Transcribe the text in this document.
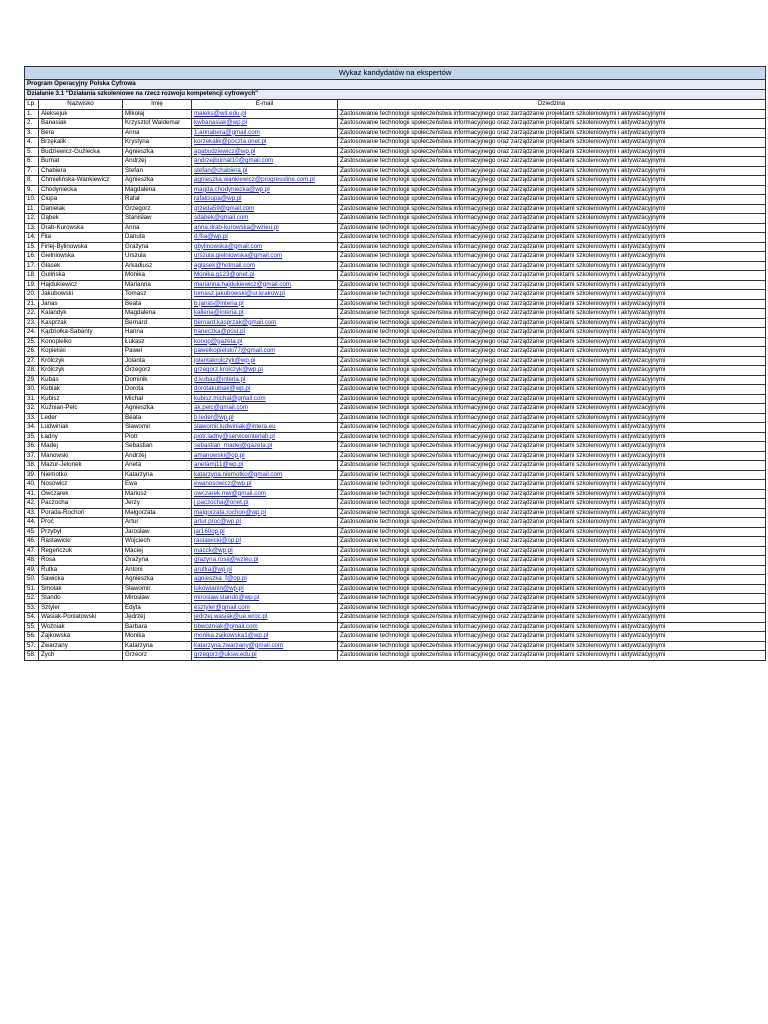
Wykaz kandydatów na ekspertów				
Program Operacyjny Polska Cyfrowa				
Działanie 3.1 "Działania szkoleniowe na rzecz rozwoju kompetencji cyfrowych"				
Lp.	Nazwisko	Imię	E-mail	Dziedzina
1.	Aleksejuk	Mikołaj	maleks@wit.edu.pl	Zastosowanie technologii społeczeństwa informacyjnego oraz zarządzanie projektami szkoleniowymi i aktywizacyjnymi
2.	Banasiak	Krzysztof Waldemar	kwbanasiak@wp.pl	Zastosowanie technologii społeczeństwa informacyjnego oraz zarządzanie projektami szkoleniowymi i aktywizacyjnymi
3.	Bera	Anna	1.annabera@gmail.com	Zastosowanie technologii społeczeństwa informacyjnego oraz zarządzanie projektami szkoleniowymi i aktywizacyjnymi
4.	Brzękalik	Krystyna	korzekalik@poczta.onet.pl	Zastosowanie technologii społeczeństwa informacyjnego oraz zarządzanie projektami szkoleniowymi i aktywizacyjnymi
5.	Budziewicz-Guźlecka	Agnieszka	agabudziewicz@wp.pl	Zastosowanie technologii społeczeństwa informacyjnego oraz zarządzanie projektami szkoleniowymi i aktywizacyjnymi
6.	Burnat	Andrzej	andrzejburnat10@gmail.com	Zastosowanie technologii społeczeństwa informacyjnego oraz zarządzanie projektami szkoleniowymi i aktywizacyjnymi
7.	Chabiera	Stefan	stefan@chabiera.pl	Zastosowanie technologii społeczeństwa informacyjnego oraz zarządzanie projektami szkoleniowymi i aktywizacyjnymi
8.	Chmielińska-Wankiewicz	Agnieszka	agnieszka.wankiewicz@progressline.com.pl	Zastosowanie technologii społeczeństwa informacyjnego oraz zarządzanie projektami szkoleniowymi i aktywizacyjnymi
9.	Chodyniecka	Magdalena	magda.chodyniecka@wp.pl	Zastosowanie technologii społeczeństwa informacyjnego oraz zarządzanie projektami szkoleniowymi i aktywizacyjnymi
10.	Ciupa	Rafał	rafalciupa@wp.pl	Zastosowanie technologii społeczeństwa informacyjnego oraz zarządzanie projektami szkoleniowymi i aktywizacyjnymi
11.	Danielak	Grzegorz	grzeda59@gmail.com	Zastosowanie technologii społeczeństwa informacyjnego oraz zarządzanie projektami szkoleniowymi i aktywizacyjnymi
12.	Dąbek	Stanisław	sdabek@gmail.com	Zastosowanie technologii społeczeństwa informacyjnego oraz zarządzanie projektami szkoleniowymi i aktywizacyjnymi
13.	Drab-Kurowska	Anna	anna.drab-kurowska@wzieu.pl	Zastosowanie technologii społeczeństwa informacyjnego oraz zarządzanie projektami szkoleniowymi i aktywizacyjnymi
14.	Fila	Danuta	d.fila@wp.pl	Zastosowanie technologii społeczeństwa informacyjnego oraz zarządzanie projektami szkoleniowymi i aktywizacyjnymi
15.	Firlej-Bylinowska	Grażyna	gbylinowska@gmail.com	Zastosowanie technologii społeczeństwa informacyjnego oraz zarządzanie projektami szkoleniowymi i aktywizacyjnymi
16.	Gielniowska	Urszula	urszula.gielniowska@gmail.com	Zastosowanie technologii społeczeństwa informacyjnego oraz zarządzanie projektami szkoleniowymi i aktywizacyjnymi
17.	Głasek	Arkadiusz	aglasek@hotmail.com	Zastosowanie technologii społeczeństwa informacyjnego oraz zarządzanie projektami szkoleniowymi i aktywizacyjnymi
18.	Gulińska	Monika	Monika.g123@onet.pl	Zastosowanie technologii społeczeństwa informacyjnego oraz zarządzanie projektami szkoleniowymi i aktywizacyjnymi
19.	Hajdukiewicz	Marianna	marianna.hajdukiewicz@gmail.com	Zastosowanie technologii społeczeństwa informacyjnego oraz zarządzanie projektami szkoleniowymi i aktywizacyjnymi
20.	Jakubowski	Tomasz	tomasz.jakubowski@ur.krakow.pl	Zastosowanie technologii społeczeństwa informacyjnego oraz zarządzanie projektami szkoleniowymi i aktywizacyjnymi
21.	Janas	Beata	b.janas@interia.pl	Zastosowanie technologii społeczeństwa informacyjnego oraz zarządzanie projektami szkoleniowymi i aktywizacyjnymi
22.	Kalandyk	Magdalena	kallena@interia.pl	Zastosowanie technologii społeczeństwa informacyjnego oraz zarządzanie projektami szkoleniowymi i aktywizacyjnymi
23.	Kasprzak	Bernard	bernard.kasprzak@gmail.com	Zastosowanie technologii społeczeństwa informacyjnego oraz zarządzanie projektami szkoleniowymi i aktywizacyjnymi
24.	Kądziołka-Sabanty	Hanna	haneczka@post.pl	Zastosowanie technologii społeczeństwa informacyjnego oraz zarządzanie projektami szkoleniowymi i aktywizacyjnymi
25.	Konopielko	Łukasz	konop@gazeta.pl	Zastosowanie technologii społeczeństwa informacyjnego oraz zarządzanie projektami szkoleniowymi i aktywizacyjnymi
26.	Kopielski	Paweł	pawelkopielski77@gmail.com	Zastosowanie technologii społeczeństwa informacyjnego oraz zarządzanie projektami szkoleniowymi i aktywizacyjnymi
27.	Królczyk	Jolanta	jolantakrolczyk@wp.pl	Zastosowanie technologii społeczeństwa informacyjnego oraz zarządzanie projektami szkoleniowymi i aktywizacyjnymi
28.	Królczyk	Grzegorz	grzegorz.krolczyk@wp.pl	Zastosowanie technologii społeczeństwa informacyjnego oraz zarządzanie projektami szkoleniowymi i aktywizacyjnymi
29.	Kubas	Dominik	d.kubas@interia.pl	Zastosowanie technologii społeczeństwa informacyjnego oraz zarządzanie projektami szkoleniowymi i aktywizacyjnymi
30.	Kubiak	Dorota	dorotakubiak@wp.pl	Zastosowanie technologii społeczeństwa informacyjnego oraz zarządzanie projektami szkoleniowymi i aktywizacyjnymi
31.	Kubisz	Michał	kubisz.michal@gmail.com	Zastosowanie technologii społeczeństwa informacyjnego oraz zarządzanie projektami szkoleniowymi i aktywizacyjnymi
32.	Kuźnian-Pelc	Agnieszka	ak.pelc@gmail.com	Zastosowanie technologii społeczeństwa informacyjnego oraz zarządzanie projektami szkoleniowymi i aktywizacyjnymi
33.	Leder	Beata	b.leder@wp.pl	Zastosowanie technologii społeczeństwa informacyjnego oraz zarządzanie projektami szkoleniowymi i aktywizacyjnymi
34.	Ludwiniak	Sławomir	slawomir.ludwiniak@intera.eu	Zastosowanie technologii społeczeństwa informacyjnego oraz zarządzanie projektami szkoleniowymi i aktywizacyjnymi
35.	Ładny	Piotr	piotr.ladny@serviceinterlab.pl	Zastosowanie technologii społeczeństwa informacyjnego oraz zarządzanie projektami szkoleniowymi i aktywizacyjnymi
36.	Madej	Sebastian	sebastian_madej@gazeta.pl	Zastosowanie technologii społeczeństwa informacyjnego oraz zarządzanie projektami szkoleniowymi i aktywizacyjnymi
37.	Manowski	Andrzej	amanowski@op.pl	Zastosowanie technologii społeczeństwa informacyjnego oraz zarządzanie projektami szkoleniowymi i aktywizacyjnymi
38.	Mazur-Jelonek	Aneta	anetamj11@wp.pl	Zastosowanie technologii społeczeństwa informacyjnego oraz zarządzanie projektami szkoleniowymi i aktywizacyjnymi
39.	Niemotko	Katarzyna	katarzyna.niemotko@gmail.com	Zastosowanie technologii społeczeństwa informacyjnego oraz zarządzanie projektami szkoleniowymi i aktywizacyjnymi
40.	Nosowicz	Ewa	ewanosowicz@wp.pl	Zastosowanie technologii społeczeństwa informacyjnego oraz zarządzanie projektami szkoleniowymi i aktywizacyjnymi
41.	Owczarek	Mariusz	owczarek.mw@gmail.com	Zastosowanie technologii społeczeństwa informacyjnego oraz zarządzanie projektami szkoleniowymi i aktywizacyjnymi
42.	Paczocha	Jerzy	j.paczocha@onet.pl	Zastosowanie technologii społeczeństwa informacyjnego oraz zarządzanie projektami szkoleniowymi i aktywizacyjnymi
43.	Porada-Rochoń	Małgorzata	malgorzata.rochon@wp.pl	Zastosowanie technologii społeczeństwa informacyjnego oraz zarządzanie projektami szkoleniowymi i aktywizacyjnymi
44.	Proć	Artur	artur.proc@wp.pl	Zastosowanie technologii społeczeństwa informacyjnego oraz zarządzanie projektami szkoleniowymi i aktywizacyjnymi
45.	Przybył	Jarosław	jar160op.pl	Zastosowanie technologii społeczeństwa informacyjnego oraz zarządzanie projektami szkoleniowymi i aktywizacyjnymi
46.	Rastawicki	Wojciech	rastawicki@op.pl	Zastosowanie technologii społeczeństwa informacyjnego oraz zarządzanie projektami szkoleniowymi i aktywizacyjnymi
47.	Regeńczuk	Maciej	macck@wp.pl	Zastosowanie technologii społeczeństwa informacyjnego oraz zarządzanie projektami szkoleniowymi i aktywizacyjnymi
48.	Rosa	Grażyna	grazyna.rosa@wzieu.pl	Zastosowanie technologii społeczeństwa informacyjnego oraz zarządzanie projektami szkoleniowymi i aktywizacyjnymi
49.	Rutka	Antoni	arutka@wp.pl	Zastosowanie technologii społeczeństwa informacyjnego oraz zarządzanie projektami szkoleniowymi i aktywizacyjnymi
50.	Sawicka	Agnieszka	agnieszka_f@op.pl	Zastosowanie technologii społeczeństwa informacyjnego oraz zarządzanie projektami szkoleniowymi i aktywizacyjnymi
51.	Smolak	Sławomir	lukowianin@wp.pl	Zastosowanie technologii społeczeństwa informacyjnego oraz zarządzanie projektami szkoleniowymi i aktywizacyjnymi
52.	Stando	Mirosław	miroslaw.stando@wp.pl	Zastosowanie technologii społeczeństwa informacyjnego oraz zarządzanie projektami szkoleniowymi i aktywizacyjnymi
53.	Sztyler	Edyta	esztyler@gmail.com	Zastosowanie technologii społeczeństwa informacyjnego oraz zarządzanie projektami szkoleniowymi i aktywizacyjnymi
54.	Wasiak-Poniatowski	Jędrzej	jedrzej.wasiak@ue.wroc.pl	Zastosowanie technologii społeczeństwa informacyjnego oraz zarządzanie projektami szkoleniowymi i aktywizacyjnymi
55.	Woźniak	Barbara	bbwozniak@gmail.com	Zastosowanie technologii społeczeństwa informacyjnego oraz zarządzanie projektami szkoleniowymi i aktywizacyjnymi
56.	Zajkowska	Monika	monika.zajkowska1@wp.pl	Zastosowanie technologii społeczeństwa informacyjnego oraz zarządzanie projektami szkoleniowymi i aktywizacyjnymi
57.	Zwarzany	Katarzyna	katarzyna.zwarzany@gmail.com	Zastosowanie technologii społeczeństwa informacyjnego oraz zarządzanie projektami szkoleniowymi i aktywizacyjnymi
58.	Zych	Grzeorz	grzegorz@uksw.edu.pl	Zastosowanie technologii społeczeństwa informacyjnego oraz zarządzanie projektami szkoleniowymi i aktywizacyjnymi
